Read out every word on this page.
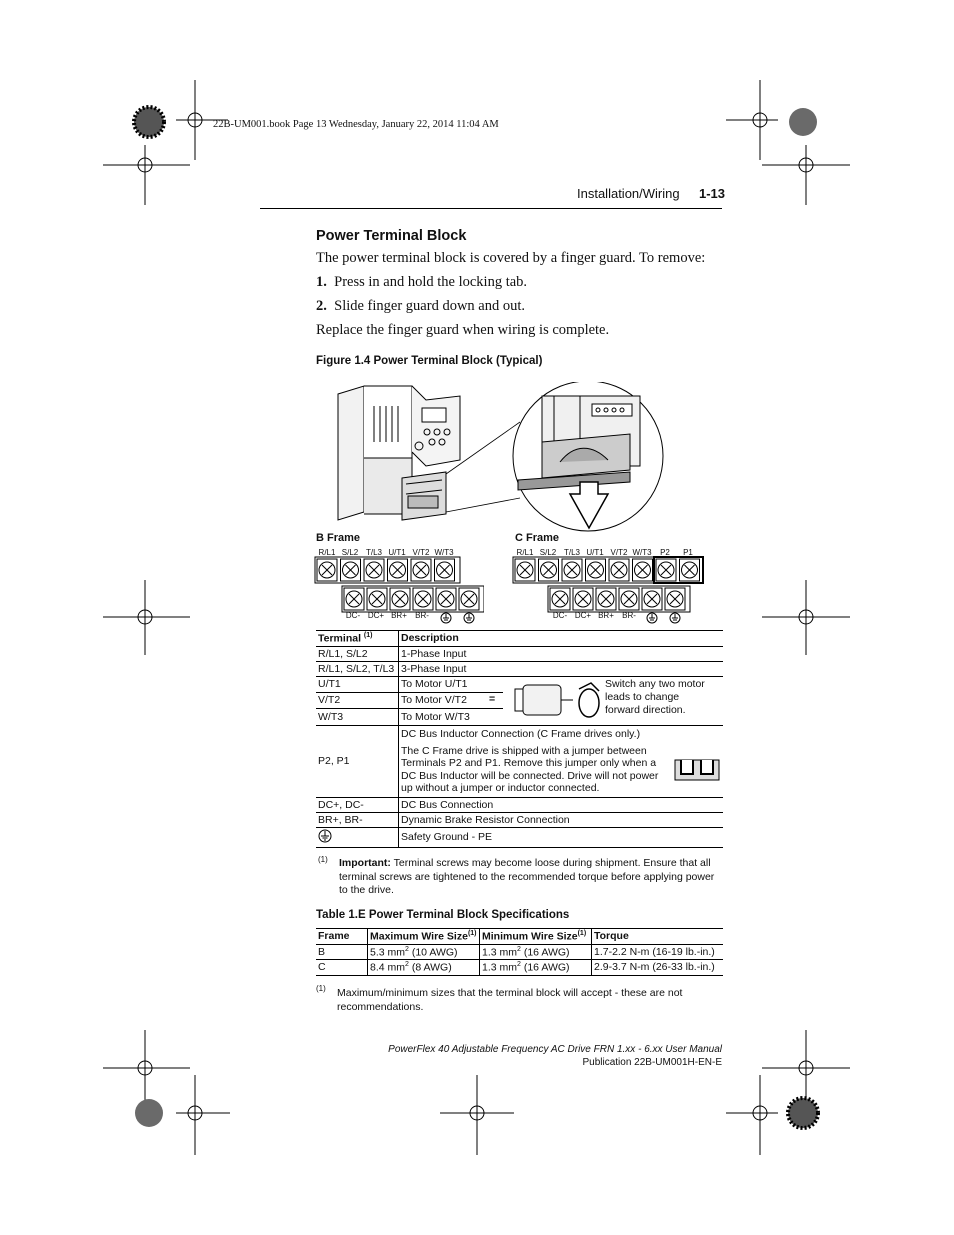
22B-UM001.book Page 13 Wednesday, January 22, 2014 11:04 AM
Installation/Wiring 1-13
Power Terminal Block
The power terminal block is covered by a finger guard. To remove:
1. Press in and hold the locking tab.
2. Slide finger guard down and out.
Replace the finger guard when wiring is complete.
Figure 1.4 Power Terminal Block (Typical)
B Frame
R/L1 S/L2 T/L3 U/T1 V/T2 W/T3
DC- DC+ BR+	BR-
C Frame
R/L1 S/L2 T/L3 U/T1 V/T2 W/T3	P2	P1
DC- DC+ BR+	BR-
Terminal $^{(1)}$	Description	
R/L1, S/L2	1-Phase Input	
R/L1, S/L2, T/L3	3-Phase Input	
U/T1	To Motor U/T1	=
Switch any two motor leads to change forward direction.

V/T2	To Motor V/T2	
W/T3	To Motor W/T3	
P2, P1	DC Bus Inductor Connection (C Frame drives only.)
The C Frame drive is shipped with a jumper between Terminals P2 and P1. Remove this jumper only when a DC Bus Inductor will be connected. Drive will not power up without a jumper or inductor connected.	

DC+, DC-	DC Bus Connection	
BR+, BR-	Dynamic Brake Resistor Connection	
	Safety Ground - PE	
(1) Important: Terminal screws may become loose during shipment. Ensure that all terminal screws are tightened to the recommended torque before applying power to the drive.
Table 1.E Power Terminal Block Specifications
Frame	Maximum Wire Size$^{(1)}$	Minimum Wire Size$^{(1)}$	Torque
B	5.3 $mm^2$ (10 AWG)	1.3 $mm^2$ (16 AWG)	1.7-2.2 N-m (16-19 lb.-in.)
C	8.4 $mm^2$ (8 AWG)	1.3 $mm^2$ (16 AWG)	2.9-3.7 N-m (26-33 lb.-in.)
(1) Maximum/minimum sizes that the terminal block will accept - these are not recommendations.
PowerFlex 40 Adjustable Frequency AC Drive FRN 1.xx - 6.xx User Manual
Publication 22B-UM001H-EN-E
